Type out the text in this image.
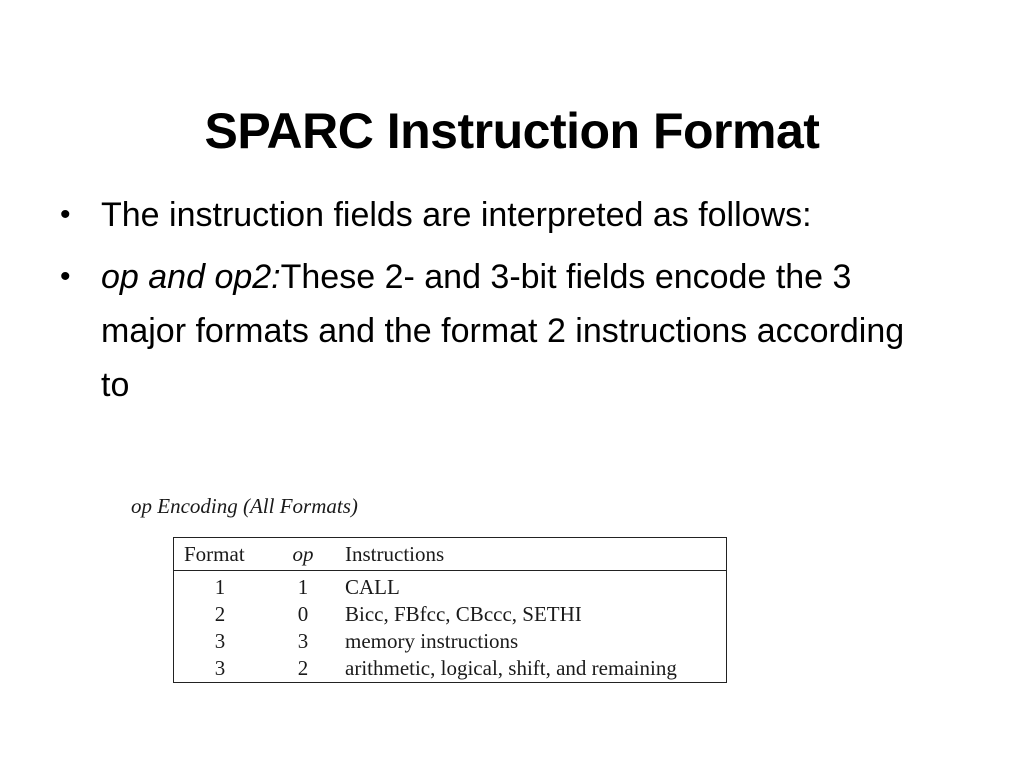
SPARC Instruction Format
• The instruction fields are interpreted as follows:
• op and op2:These 2- and 3-bit fields encode the 3 major formats and the format 2 instructions according to
op Encoding (All Formats)
Format	op	Instructions
1	1	CALL
2	0	Bicc, FBfcc, CBccc, SETHI
3	3	memory instructions
3	2	arithmetic, logical, shift, and remaining
